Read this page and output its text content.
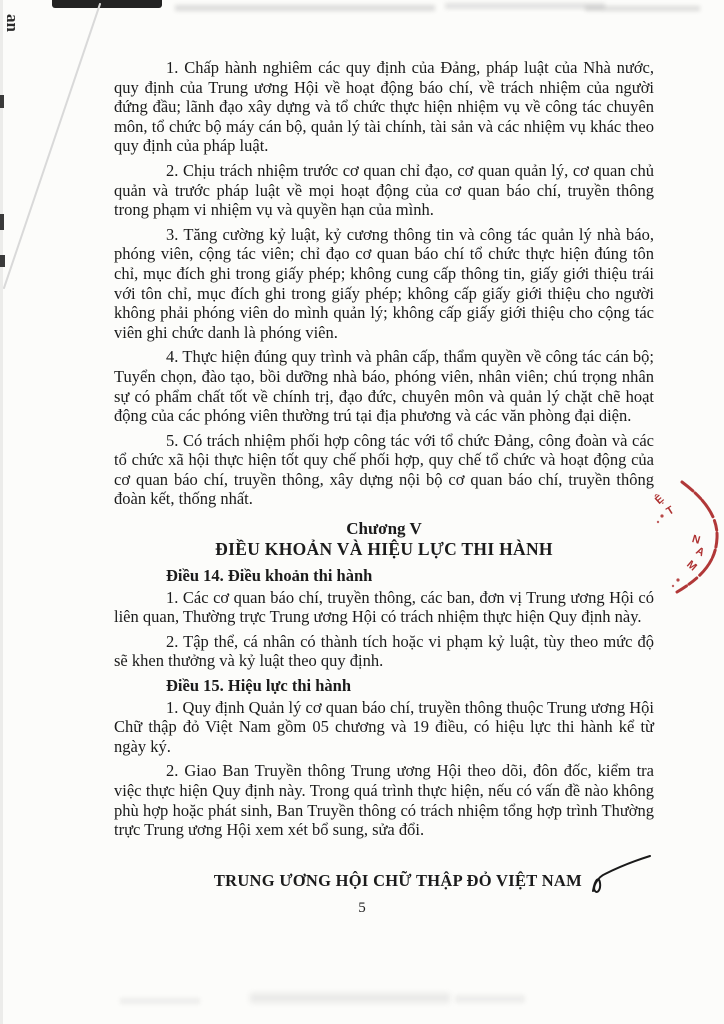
an

1. Chấp hành nghiêm các quy định của Đảng, pháp luật của Nhà nước, quy định của Trung ương Hội về hoạt động báo chí, về trách nhiệm của người đứng đầu; lãnh đạo xây dựng và tổ chức thực hiện nhiệm vụ về công tác chuyên môn, tổ chức bộ máy cán bộ, quản lý tài chính, tài sản và các nhiệm vụ khác theo quy định của pháp luật.

2. Chịu trách nhiệm trước cơ quan chỉ đạo, cơ quan quản lý, cơ quan chủ quản và trước pháp luật về mọi hoạt động của cơ quan báo chí, truyền thông trong phạm vi nhiệm vụ và quyền hạn của mình.

3. Tăng cường kỷ luật, kỷ cương thông tin và công tác quản lý nhà báo, phóng viên, cộng tác viên; chỉ đạo cơ quan báo chí tổ chức thực hiện đúng tôn chỉ, mục đích ghi trong giấy phép; không cung cấp thông tin, giấy giới thiệu trái với tôn chỉ, mục đích ghi trong giấy phép; không cấp giấy giới thiệu cho người không phải phóng viên do mình quản lý; không cấp giấy giới thiệu cho cộng tác viên ghi chức danh là phóng viên.

4. Thực hiện đúng quy trình và phân cấp, thẩm quyền về công tác cán bộ; Tuyển chọn, đào tạo, bồi dưỡng nhà báo, phóng viên, nhân viên; chú trọng nhân sự có phẩm chất tốt về chính trị, đạo đức, chuyên môn và quản lý chặt chẽ hoạt động của các phóng viên thường trú tại địa phương và các văn phòng đại diện.

5. Có trách nhiệm phối hợp công tác với tổ chức Đảng, công đoàn và các tổ chức xã hội thực hiện tốt quy chế phối hợp, quy chế tổ chức và hoạt động của cơ quan báo chí, truyền thông, xây dựng nội bộ cơ quan báo chí, truyền thông đoàn kết, thống nhất.

Chương V
ĐIỀU KHOẢN VÀ HIỆU LỰC THI HÀNH

Điều 14. Điều khoản thi hành

1. Các cơ quan báo chí, truyền thông, các ban, đơn vị Trung ương Hội có liên quan, Thường trực Trung ương Hội có trách nhiệm thực hiện Quy định này.

2. Tập thể, cá nhân có thành tích hoặc vi phạm kỷ luật, tùy theo mức độ sẽ khen thưởng và kỷ luật theo quy định.

Điều 15. Hiệu lực thi hành

1. Quy định Quản lý cơ quan báo chí, truyền thông thuộc Trung ương Hội Chữ thập đỏ Việt Nam gồm 05 chương và 19 điều, có hiệu lực thi hành kể từ ngày ký.

2. Giao Ban Truyền thông Trung ương Hội theo dõi, đôn đốc, kiểm tra việc thực hiện Quy định này. Trong quá trình thực hiện, nếu có vấn đề nào không phù hợp hoặc phát sinh, Ban Truyền thông có trách nhiệm tổng hợp trình Thường trực Trung ương Hội xem xét bổ sung, sửa đổi.

TRUNG ƯƠNG HỘI CHỮ THẬP ĐỎ VIỆT NAM
5
Ệ
T
N
A
M
